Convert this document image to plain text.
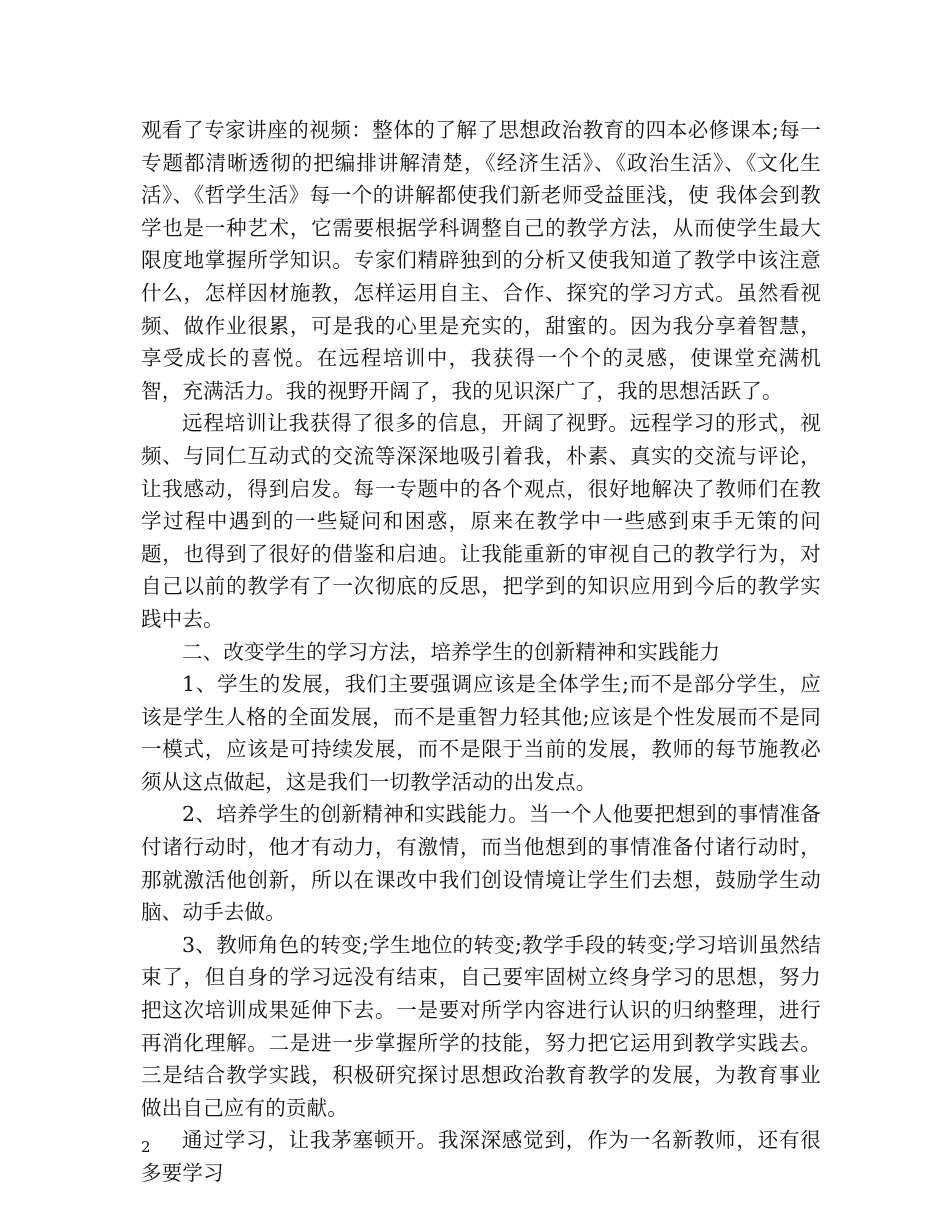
观看了专家讲座的视频：整体的了解了思想政治教育的四本必修课本;每一专题都清晰透彻的把编排讲解清楚，《经济生活》、《政治生活》、《文化生活》、《哲学生活》每一个的讲解都使我们新老师受益匪浅，使 我体会到教学也是一种艺术，它需要根据学科调整自己的教学方法，从而使学生最大限度地掌握所学知识。专家们精辟独到的分析又使我知道了教学中该注意什么，怎样因材施教，怎样运用自主、合作、探究的学习方式。虽然看视频、做作业很累，可是我的心里是充实的，甜蜜的。因为我分享着智慧，享受成长的喜悦。在远程培训中，我获得一个个的灵感，使课堂充满机智，充满活力。我的视野开阔了，我的见识深广了，我的思想活跃了。

远程培训让我获得了很多的信息，开阔了视野。远程学习的形式，视频、与同仁互动式的交流等深深地吸引着我，朴素、真实的交流与评论，让我感动，得到启发。每一专题中的各个观点，很好地解决了教师们在教学过程中遇到的一些疑问和困惑，原来在教学中一些感到束手无策的问题，也得到了很好的借鉴和启迪。让我能重新的审视自己的教学行为，对自己以前的教学有了一次彻底的反思，把学到的知识应用到今后的教学实践中去。

二、改变学生的学习方法，培养学生的创新精神和实践能力

1、学生的发展，我们主要强调应该是全体学生;而不是部分学生，应该是学生人格的全面发展，而不是重智力轻其他;应该是个性发展而不是同一模式，应该是可持续发展，而不是限于当前的发展，教师的每节施教必须从这点做起，这是我们一切教学活动的出发点。

2、培养学生的创新精神和实践能力。当一个人他要把想到的事情准备付诸行动时，他才有动力，有激情，而当他想到的事情准备付诸行动时，那就激活他创新，所以在课改中我们创设情境让学生们去想，鼓励学生动脑、动手去做。

3、教师角色的转变;学生地位的转变;教学手段的转变;学习培训虽然结束了，但自身的学习远没有结束，自己要牢固树立终身学习的思想，努力把这次培训成果延伸下去。一是要对所学内容进行认识的归纳整理，进行再消化理解。二是进一步掌握所学的技能，努力把它运用到教学实践去。三是结合教学实践，积极研究探讨思想政治教育教学的发展，为教育事业做出自己应有的贡献。

通过学习，让我茅塞顿开。我深深感觉到，作为一名新教师，还有很多要学习

2
